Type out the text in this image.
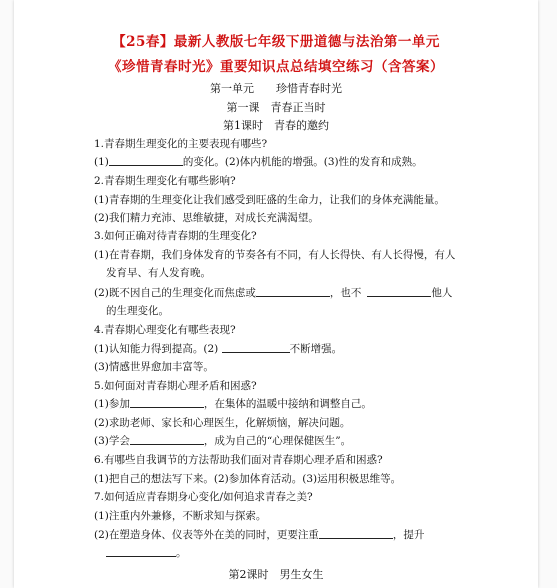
【25春】最新人教版七年级下册道德与法治第一单元
《珍惜青春时光》重要知识点总结填空练习（含答案）
第一单元　　珍惜青春时光
第一课　青春正当时
第1课时　青春的邀约
1.青春期生理变化的主要表现有哪些?
(1)	的变化。(2)体内机能的增强。(3)性的发育和成熟。
2.青春期生理变化有哪些影响?
(1)青春期的生理变化让我们感受到旺盛的生命力，让我们的身体充满能量。
(2)我们精力充沛、思维敏捷，对成长充满渴望。
3.如何正确对待青春期的生理变化?
(1)在青春期，我们身体发育的节奏各有不同，有人长得快、有人长得慢，有人
发育早、有人发育晚。
(2)既不因自己的生理变化而焦虑或	，也不	他人
的生理变化。
4.青春期心理变化有哪些表现?
(1)认知能力得到提高。(2)	不断增强。
(3)情感世界愈加丰富等。
5.如何面对青春期心理矛盾和困惑?
(1)参加	，在集体的温暖中接纳和调整自己。
(2)求助老师、家长和心理医生，化解烦恼，解决问题。
(3)学会	，成为自己的“心理保健医生”。
6.有哪些自我调节的方法帮助我们面对青春期心理矛盾和困惑?
(1)把自己的想法写下来。(2)参加体育活动。(3)运用积极思维等。
7.如何适应青春期身心变化/如何追求青春之美?
(1)注重内外兼修，不断求知与探索。
(2)在塑造身体、仪表等外在美的同时，更要注重	，提升
。
第2课时　男生女生
